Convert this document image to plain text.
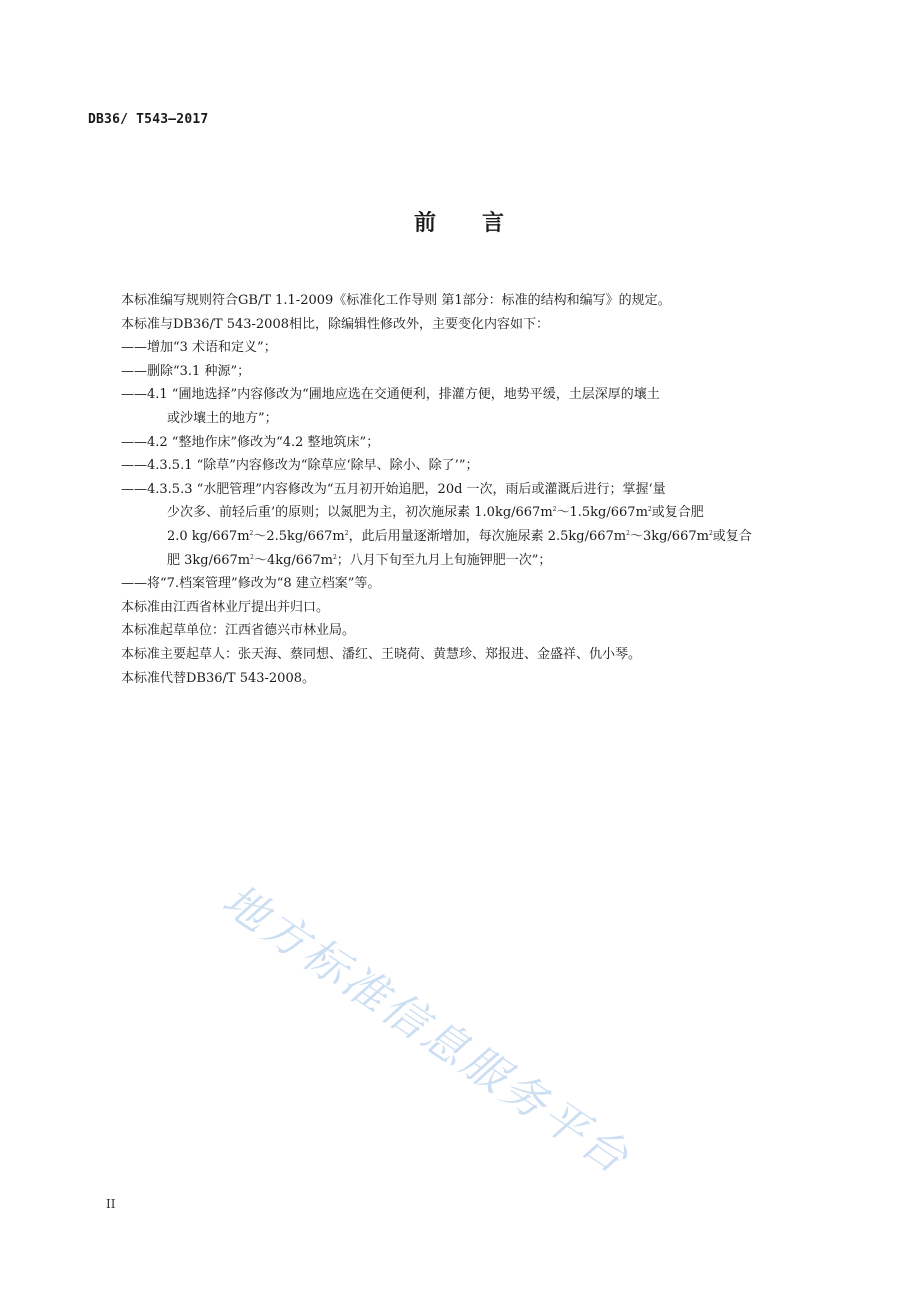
DB36/ T543—2017
前 言

本标准编写规则符合GB/T 1.1-2009《标准化工作导则 第1部分：标准的结构和编写》的规定。

本标准与DB36/T 543-2008相比，除编辑性修改外，主要变化内容如下：

——增加“3 术语和定义”；

——删除“3.1 种源”；

——4.1 “圃地选择”内容修改为“圃地应选在交通便利，排灌方便，地势平缓，土层深厚的壤土

或沙壤土的地方”；

——4.2 “整地作床”修改为“4.2 整地筑床”；

——4.3.5.1 “除草”内容修改为“除草应‘除早、除小、除了’”；

——4.3.5.3 “水肥管理”内容修改为“五月初开始追肥，20d 一次，雨后或灌溉后进行；掌握‘量

少次多、前轻后重’的原则；以氮肥为主，初次施尿素 $1.0kg/667m^2\sim 1.5kg/667m^2$或复合肥

2.0 $kg/667m^2\sim 2.5kg/667m^2$，此后用量逐渐增加，每次施尿素 $2.5kg/667m^2\sim 3kg/667m^2$或复合

肥 $3kg/667m^2\sim 4kg/667m^2$；八月下旬至九月上旬施钾肥一次”；

——将“7.档案管理”修改为“8 建立档案”等。

本标准由江西省林业厅提出并归口。

本标准起草单位：江西省德兴市林业局。

本标准主要起草人：张天海、蔡同想、潘红、王晓荷、黄慧珍、郑报进、金盛祥、仇小琴。

本标准代替DB36/T 543-2008。

地方标准信息服务平台
II
